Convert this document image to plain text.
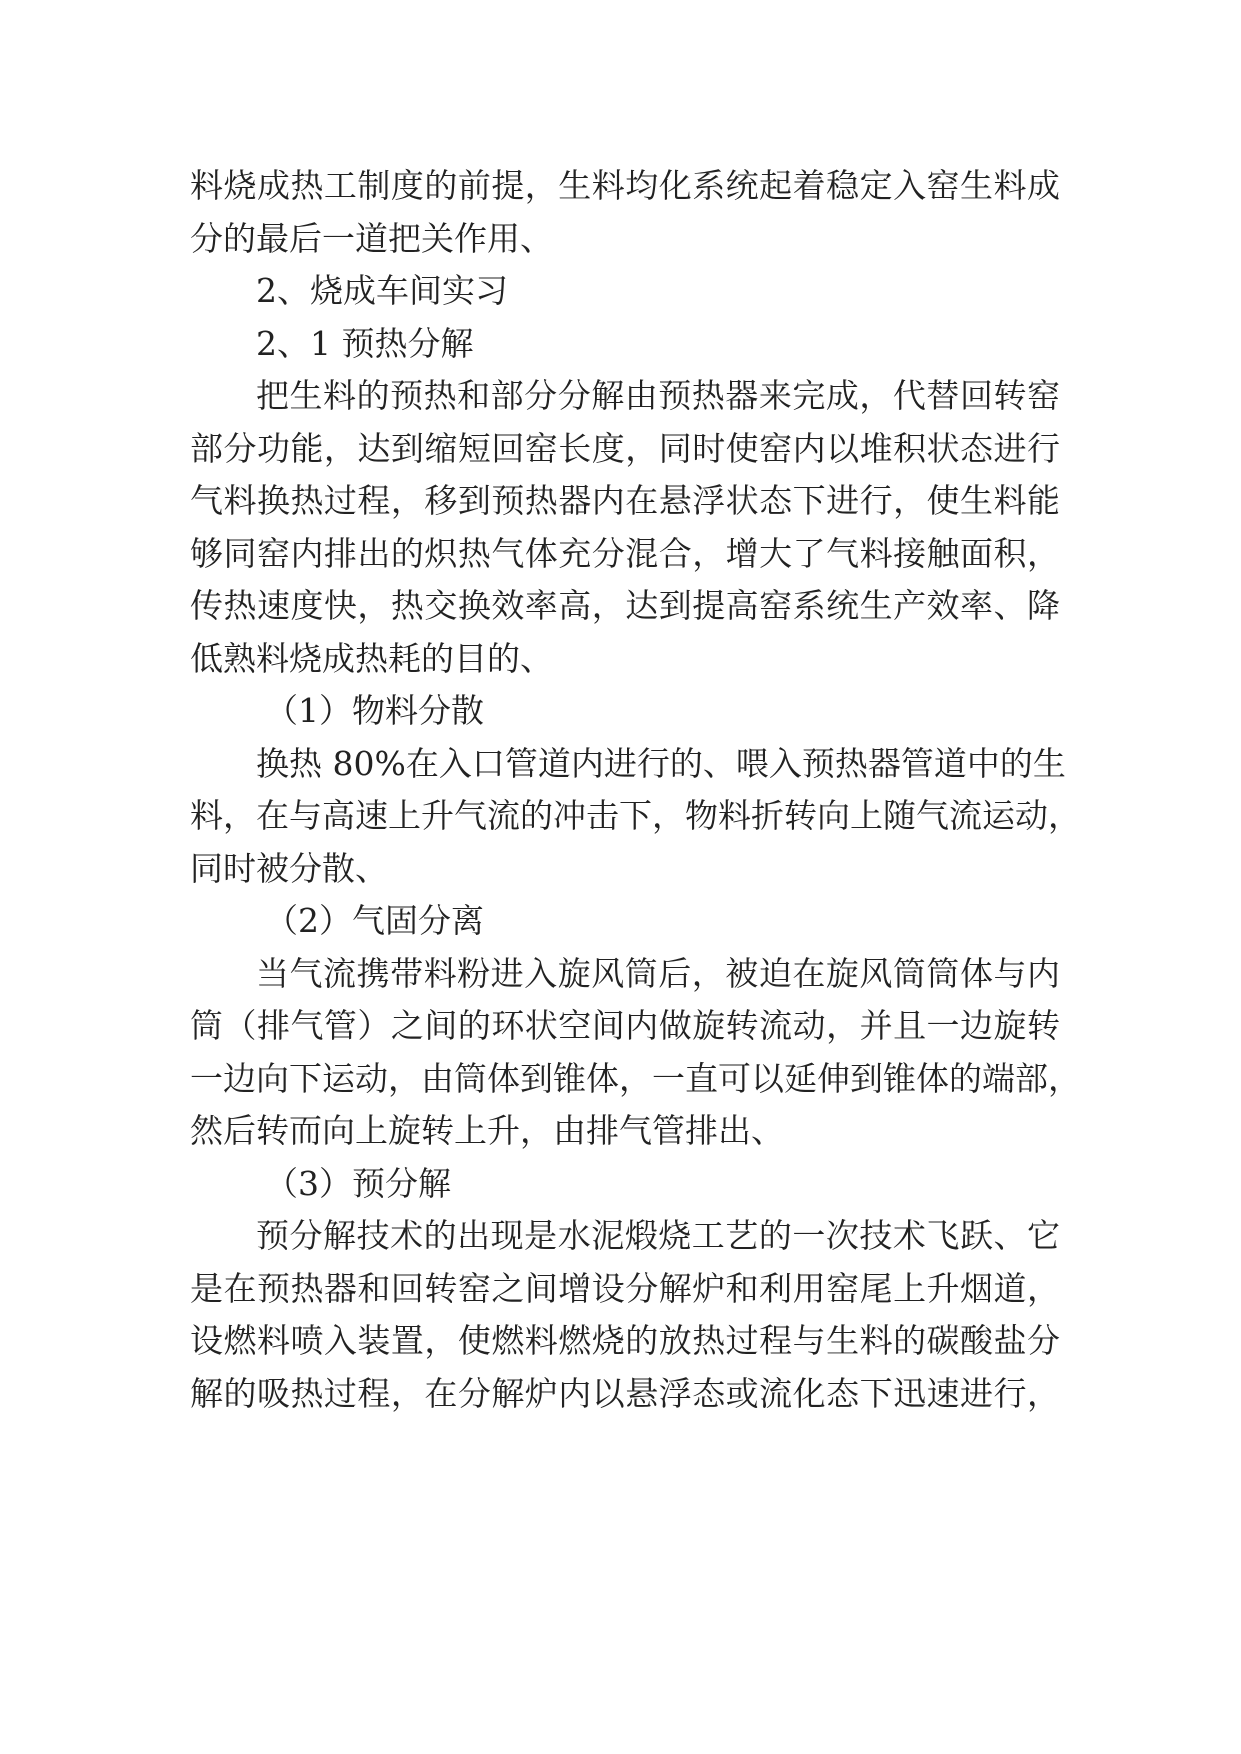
料烧成热工制度的前提，生料均化系统起着稳定入窑生料成
分的最后一道把关作用、
2、烧成车间实习
2、1 预热分解
把生料的预热和部分分解由预热器来完成，代替回转窑
部分功能，达到缩短回窑长度，同时使窑内以堆积状态进行
气料换热过程，移到预热器内在悬浮状态下进行，使生料能
够同窑内排出的炽热气体充分混合，增大了气料接触面积，
传热速度快，热交换效率高，达到提高窑系统生产效率、降
低熟料烧成热耗的目的、
（1）物料分散
换热 80%在入口管道内进行的、喂入预热器管道中的生
料，在与高速上升气流的冲击下，物料折转向上随气流运动，
同时被分散、
（2）气固分离
当气流携带料粉进入旋风筒后，被迫在旋风筒筒体与内
筒（排气管）之间的环状空间内做旋转流动，并且一边旋转
一边向下运动，由筒体到锥体，一直可以延伸到锥体的端部，
然后转而向上旋转上升，由排气管排出、
（3）预分解
预分解技术的出现是水泥煅烧工艺的一次技术飞跃、它
是在预热器和回转窑之间增设分解炉和利用窑尾上升烟道，
设燃料喷入装置，使燃料燃烧的放热过程与生料的碳酸盐分
解的吸热过程，在分解炉内以悬浮态或流化态下迅速进行，
